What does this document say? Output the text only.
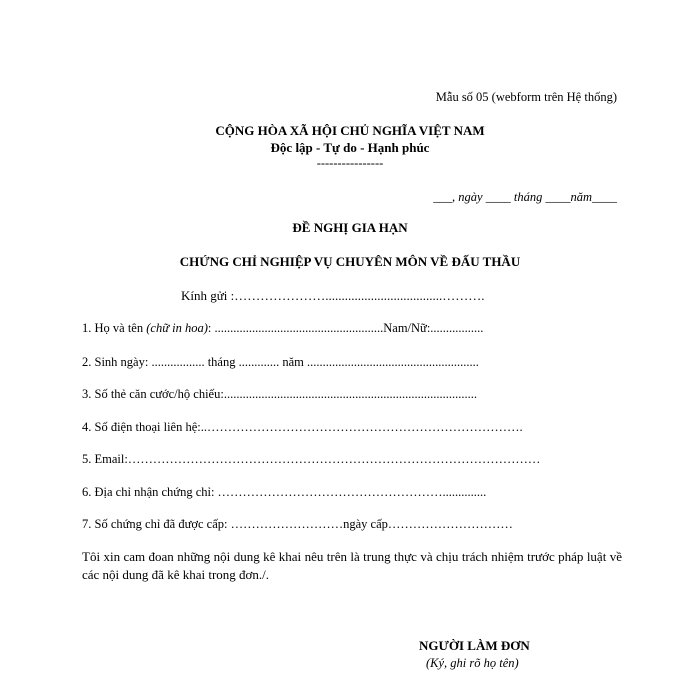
Mẫu số 05 (webform trên Hệ thống)
CỘNG HÒA XÃ HỘI CHỦ NGHĨA VIỆT NAM
Độc lập - Tự do - Hạnh phúc
----------------
___, ngày ____ tháng ____năm____
ĐỀ NGHỊ GIA HẠN
CHỨNG CHỈ NGHIỆP VỤ CHUYÊN MÔN VỀ ĐẤU THẦU
Kính gửi :…………………....................................……….
1. Họ và tên (chữ in hoa): ......................................................Nam/Nữ:.................
2. Sinh ngày: ................. tháng ............. năm .......................................................
3. Số thẻ căn cước/hộ chiếu:.................................................................................
4. Số điện thoại liên hệ:..………………………………………………………………….
5. Email:………………………………………………………………………………………
6. Địa chỉ nhận chứng chỉ: ………………………………………………..............
7. Số chứng chỉ đã được cấp: ………………………ngày cấp…………………………
Tôi xin cam đoan những nội dung kê khai nêu trên là trung thực và chịu trách nhiệm trước pháp luật về các nội dung đã kê khai trong đơn./.
NGƯỜI LÀM ĐƠN
(Ký, ghi rõ họ tên)
